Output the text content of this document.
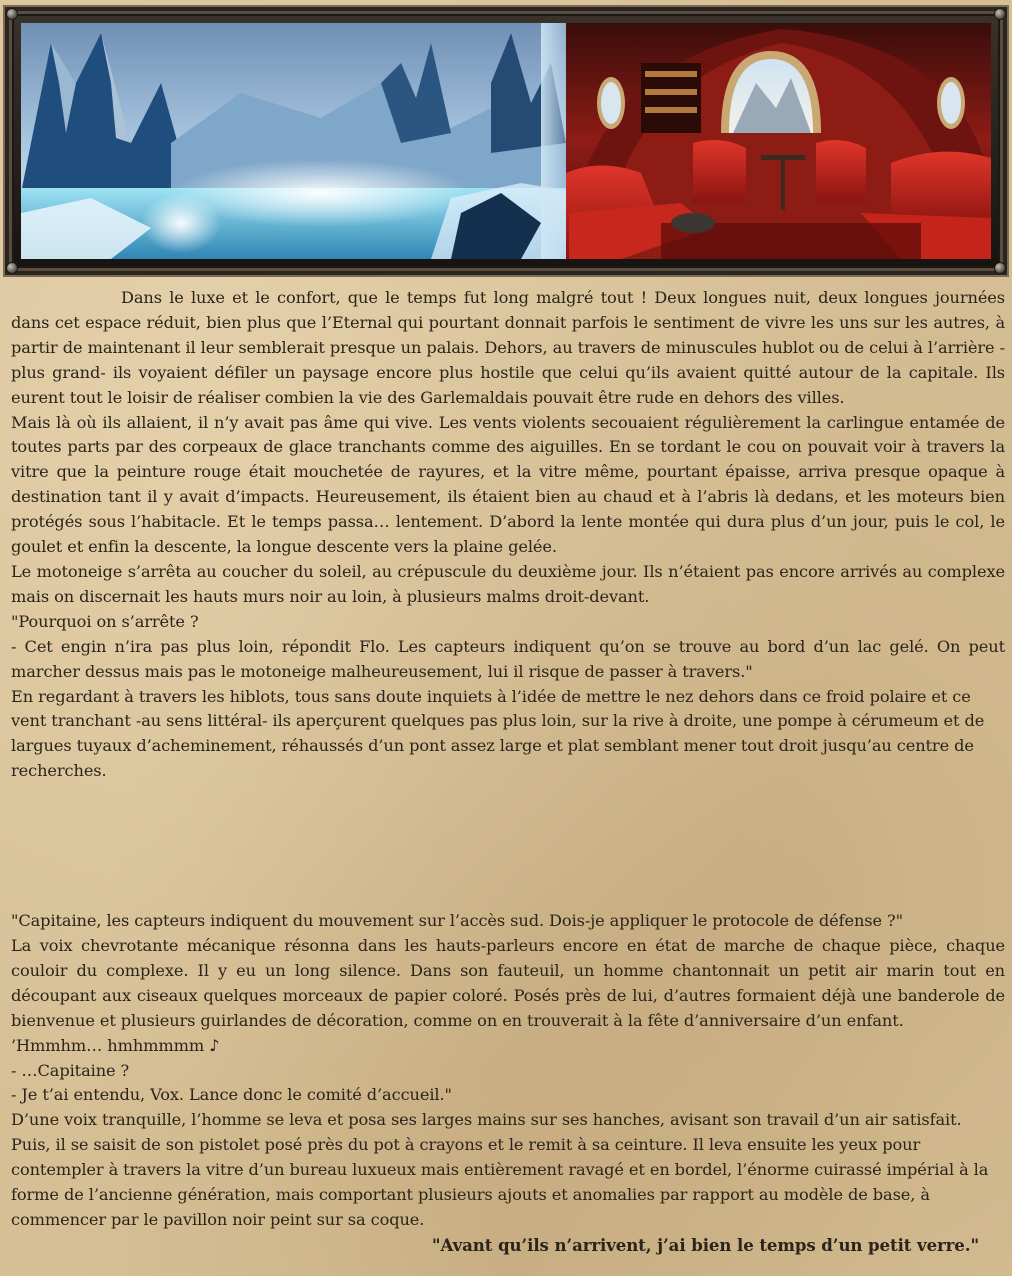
Dans le luxe et le confort, que le temps fut long malgré tout ! Deux longues nuit, deux longues journées dans cet espace réduit, bien plus que l’Eternal qui pourtant donnait parfois le sentiment de vivre les uns sur les autres, à partir de maintenant il leur semblerait presque un palais. Dehors, au travers de minuscules hublot ou de celui à l’arrière -plus grand- ils voyaient défiler un paysage encore plus hostile que celui qu’ils avaient quitté autour de la capitale. Ils eurent tout le loisir de réaliser combien la vie des Garlemaldais pouvait être rude en dehors des villes.

Mais là où ils allaient, il n’y avait pas âme qui vive. Les vents violents secouaient régulièrement la carlingue entamée de toutes parts par des corpeaux de glace tranchants comme des aiguilles. En se tordant le cou on pouvait voir à travers la vitre que la peinture rouge était mouchetée de rayures, et la vitre même, pourtant épaisse, arriva presque opaque à destination tant il y avait d’impacts. Heureusement, ils étaient bien au chaud et à l’abris là dedans, et les moteurs bien protégés sous l’habitacle. Et le temps passa… lentement. D’abord la lente montée qui dura plus d’un jour, puis le col, le goulet et enfin la descente, la longue descente vers la plaine gelée.

Le motoneige s’arrêta au coucher du soleil, au crépuscule du deuxième jour. Ils n’étaient pas encore arrivés au complexe mais on discernait les hauts murs noir au loin, à plusieurs malms droit-devant.

"Pourquoi on s’arrête ?

- Cet engin n’ira pas plus loin, répondit Flo. Les capteurs indiquent qu’on se trouve au bord d’un lac gelé. On peut marcher dessus mais pas le motoneige malheureusement, lui il risque de passer à travers."

En regardant à travers les hiblots, tous sans doute inquiets à l’idée de mettre le nez dehors dans ce froid polaire et ce vent tranchant -au sens littéral- ils aperçurent quelques pas plus loin, sur la rive à droite, une pompe à cérumeum et de largues tuyaux d’acheminement, réhaussés d’un pont assez large et plat semblant mener tout droit jusqu’au centre de recherches.

"Capitaine, les capteurs indiquent du mouvement sur l’accès sud. Dois-je appliquer le protocole de défense ?"

La voix chevrotante mécanique résonna dans les hauts-parleurs encore en état de marche de chaque pièce, chaque couloir du complexe. Il y eu un long silence. Dans son fauteuil, un homme chantonnait un petit air marin tout en découpant aux ciseaux quelques morceaux de papier coloré. Posés près de lui, d’autres formaient déjà une banderole de bienvenue et plusieurs guirlandes de décoration, comme on en trouverait à la fête d’anniversaire d’un enfant.

’Hmmhm… hmhmmmm ♪

- …Capitaine ?

- Je t’ai entendu, Vox. Lance donc le comité d’accueil."

D’une voix tranquille, l’homme se leva et posa ses larges mains sur ses hanches, avisant son travail d’un air satisfait. Puis, il se saisit de son pistolet posé près du pot à crayons et le remit à sa ceinture. Il leva ensuite les yeux pour contempler à travers la vitre d’un bureau luxueux mais entièrement ravagé et en bordel, l’énorme cuirassé impérial à la forme de l’ancienne génération, mais comportant plusieurs ajouts et anomalies par rapport au modèle de base, à commencer par le pavillon noir peint sur sa coque.

"Avant qu’ils n’arrivent, j’ai bien le temps d’un petit verre."
